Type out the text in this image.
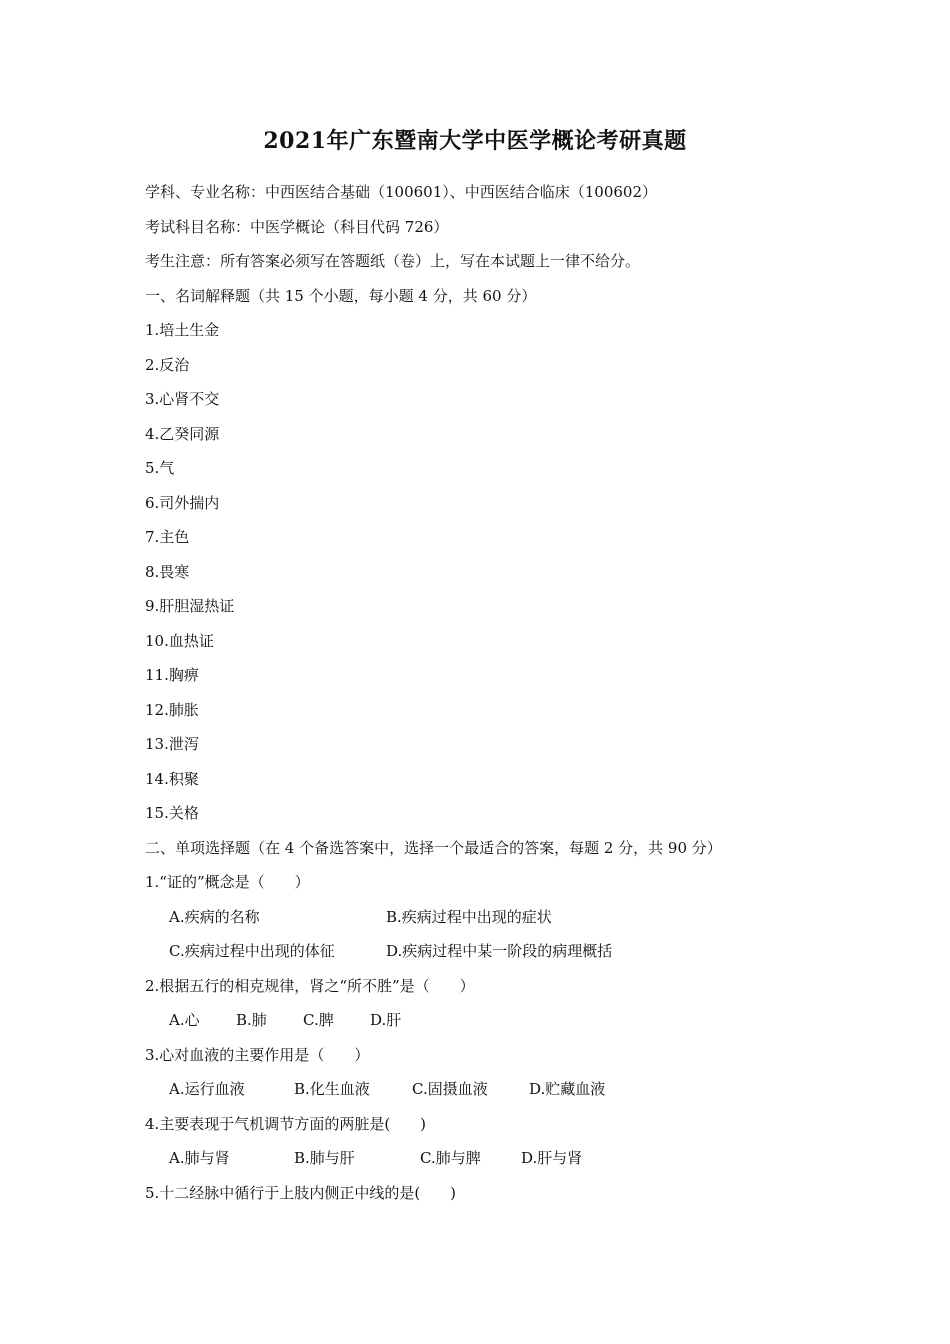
2021年广东暨南大学中医学概论考研真题
学科、专业名称：中西医结合基础（100601）、中西医结合临床（100602）
考试科目名称：中医学概论（科目代码 726）
考生注意：所有答案必须写在答题纸（卷）上，写在本试题上一律不给分。
一、名词解释题（共 15 个小题，每小题 4 分，共 60 分）
1.培土生金
2.反治
3.心肾不交
4.乙癸同源
5.气
6.司外揣内
7.主色
8.畏寒
9.肝胆湿热证
10.血热证
11.胸痹
12.肺胀
13.泄泻
14.积聚
15.关格
二、单项选择题（在 4 个备选答案中，选择一个最适合的答案，每题 2 分，共 90 分）
1.“证的”概念是（　　）
A.疾病的名称	B.疾病过程中出现的症状
C.疾病过程中出现的体征	D.疾病过程中某一阶段的病理概括
2.根据五行的相克规律，肾之“所不胜”是（　　）
A.心 B.肺 C.脾 D.肝
3.心对血液的主要作用是（　　）
A.运行血液	B.化生血液	C.固摄血液	D.贮藏血液
4.主要表现于气机调节方面的两脏是(　　)
A.肺与肾	B.肺与肝	C.肺与脾	D.肝与肾
5.十二经脉中循行于上肢内侧正中线的是(　　)
